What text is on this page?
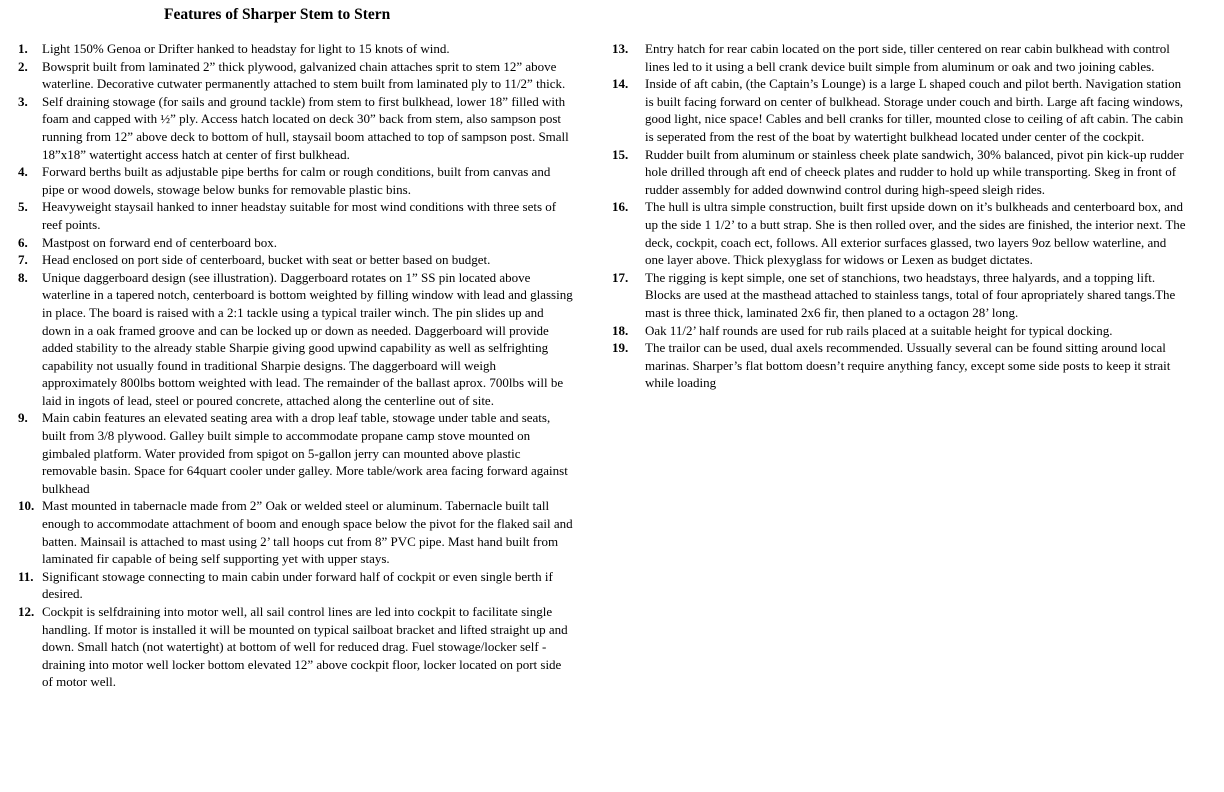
Features of Sharper Stem to Stern
1. Light 150% Genoa or Drifter hanked to headstay for light to 15 knots of wind.
2. Bowsprit built from laminated 2” thick plywood, galvanized chain attaches sprit to stem 12” above waterline. Decorative cutwater permanently attached to stem built from laminated ply to 11/2” thick.
3. Self draining stowage (for sails and ground tackle) from stem to first bulkhead, lower 18” filled with foam and capped with ½” ply. Access hatch located on deck 30” back from stem, also sampson post running from 12” above deck to bottom of hull, staysail boom attached to top of sampson post. Small 18”x18” watertight access hatch at center of first bulkhead.
4. Forward berths built as adjustable pipe berths for calm or rough conditions, built from canvas and pipe or wood dowels, stowage below bunks for removable plastic bins.
5. Heavyweight staysail hanked to inner headstay suitable for most wind conditions with three sets of reef points.
6. Mastpost on forward end of centerboard box.
7. Head enclosed on port side of centerboard, bucket with seat or better based on budget.
8. Unique daggerboard design (see illustration). Daggerboard rotates on 1” SS pin located above waterline in a tapered notch, centerboard is bottom weighted by filling window with lead and glassing in place. The board is raised with a 2:1 tackle using a typical trailer winch. The pin slides up and down in a oak framed groove and can be locked up or down as needed. Daggerboard will provide added stability to the already stable Sharpie giving good upwind capability as well as selfrighting capability not usually found in traditional Sharpie designs. The daggerboard will weigh approximately 800lbs bottom weighted with lead. The remainder of the ballast aprox. 700lbs will be laid in ingots of lead, steel or poured concrete, attached along the centerline out of site.
9. Main cabin features an elevated seating area with a drop leaf table, stowage under table and seats, built from 3/8 plywood. Galley built simple to accommodate propane camp stove mounted on gimbaled platform. Water provided from spigot on 5-gallon jerry can mounted above plastic removable basin. Space for 64quart cooler under galley. More table/work area facing forward against bulkhead
10. Mast mounted in tabernacle made from 2” Oak or welded steel or aluminum. Tabernacle built tall enough to accommodate attachment of boom and enough space below the pivot for the flaked sail and batten. Mainsail is attached to mast using 2’ tall hoops cut from 8” PVC pipe. Mast hand built from laminated fir capable of being self supporting yet with upper stays.
11. Significant stowage connecting to main cabin under forward half of cockpit or even single berth if desired.
12. Cockpit is selfdraining into motor well, all sail control lines are led into cockpit to facilitate single handling. If motor is installed it will be mounted on typical sailboat bracket and lifted straight up and down. Small hatch (not watertight) at bottom of well for reduced drag. Fuel stowage/locker self -draining into motor well locker bottom elevated 12” above cockpit floor, locker located on port side of motor well.
13. Entry hatch for rear cabin located on the port side, tiller centered on rear cabin bulkhead with control lines led to it using a bell crank device built simple from aluminum or oak and two joining cables.
14. Inside of aft cabin, (the Captain’s Lounge) is a large L shaped couch and pilot berth. Navigation station is built facing forward on center of bulkhead. Storage under couch and birth. Large aft facing windows, good light, nice space! Cables and bell cranks for tiller, mounted close to ceiling of aft cabin. The cabin is seperated from the rest of the boat by watertight bulkhead located under center of the cockpit.
15. Rudder built from aluminum or stainless cheek plate sandwich, 30% balanced, pivot pin kick-up rudder hole drilled through aft end of cheeck plates and rudder to hold up while transporting. Skeg in front of rudder assembly for added downwind control during high-speed sleigh rides.
16. The hull is ultra simple construction, built first upside down on it’s bulkheads and centerboard box, and up the side 1 1/2’ to a butt strap. She is then rolled over, and the sides are finished, the interior next. The deck, cockpit, coach ect, follows. All exterior surfaces glassed, two layers 9oz bellow waterline, and one layer above. Thick plexyglass for widows or Lexen as budget dictates.
17. The rigging is kept simple, one set of stanchions, two headstays, three halyards, and a topping lift. Blocks are used at the masthead attached to stainless tangs, total of four apropriately shared tangs.The mast is three thick, laminated 2x6 fir, then planed to a octagon 28’ long.
18. Oak 11/2’ half rounds are used for rub rails placed at a suitable height for typical docking.
19. The trailor can be used, dual axels recommended. Ussually several can be found sitting around local marinas. Sharper’s flat bottom doesn’t require anything fancy, except some side posts to keep it strait while loading
